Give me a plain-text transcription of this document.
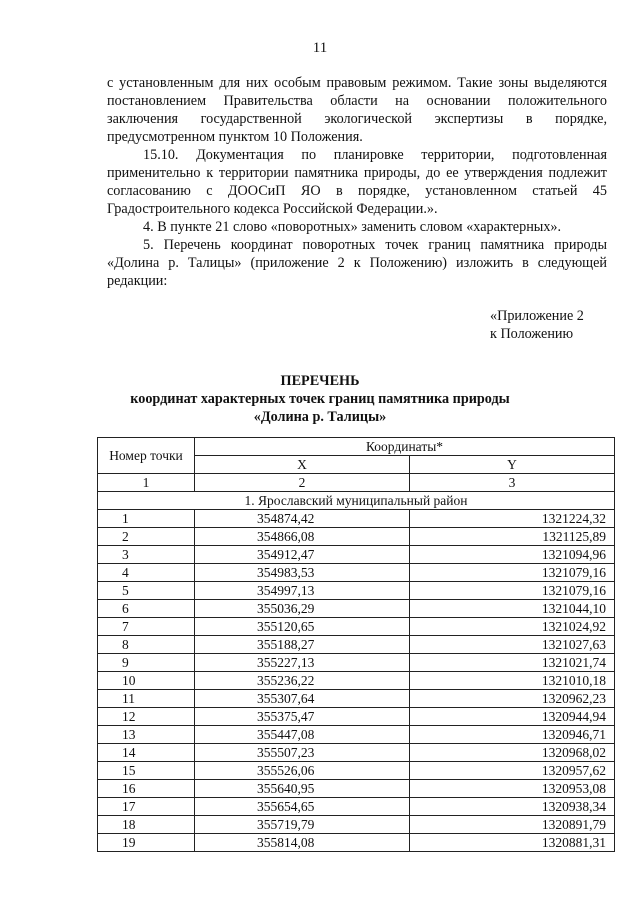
11

с установленным для них особым правовым режимом. Такие зоны выделяются постановлением Правительства области на основании положительного заключения государственной экологической экспертизы в порядке, предусмотренном пунктом 10 Положения.

15.10. Документация по планировке территории, подготовленная применительно к территории памятника природы, до ее утверждения подлежит согласованию с ДООСиП ЯО в порядке, установленном статьей 45 Градостроительного кодекса Российской Федерации.».

4. В пункте 21 слово «поворотных» заменить словом «характерных».

5. Перечень координат поворотных точек границ памятника природы «Долина р. Талицы» (приложение 2 к Положению) изложить в следующей редакции:

«Приложение 2
к Положению
ПЕРЕЧЕНЬ
координат характерных точек границ памятника природы
«Долина р. Талицы»
Номер точки	Координаты*	
	X	Y
1	2	3
1. Ярославский муниципальный район		
1	354874,42	1321224,32
2	354866,08	1321125,89
3	354912,47	1321094,96
4	354983,53	1321079,16
5	354997,13	1321079,16
6	355036,29	1321044,10
7	355120,65	1321024,92
8	355188,27	1321027,63
9	355227,13	1321021,74
10	355236,22	1321010,18
11	355307,64	1320962,23
12	355375,47	1320944,94
13	355447,08	1320946,71
14	355507,23	1320968,02
15	355526,06	1320957,62
16	355640,95	1320953,08
17	355654,65	1320938,34
18	355719,79	1320891,79
19	355814,08	1320881,31
